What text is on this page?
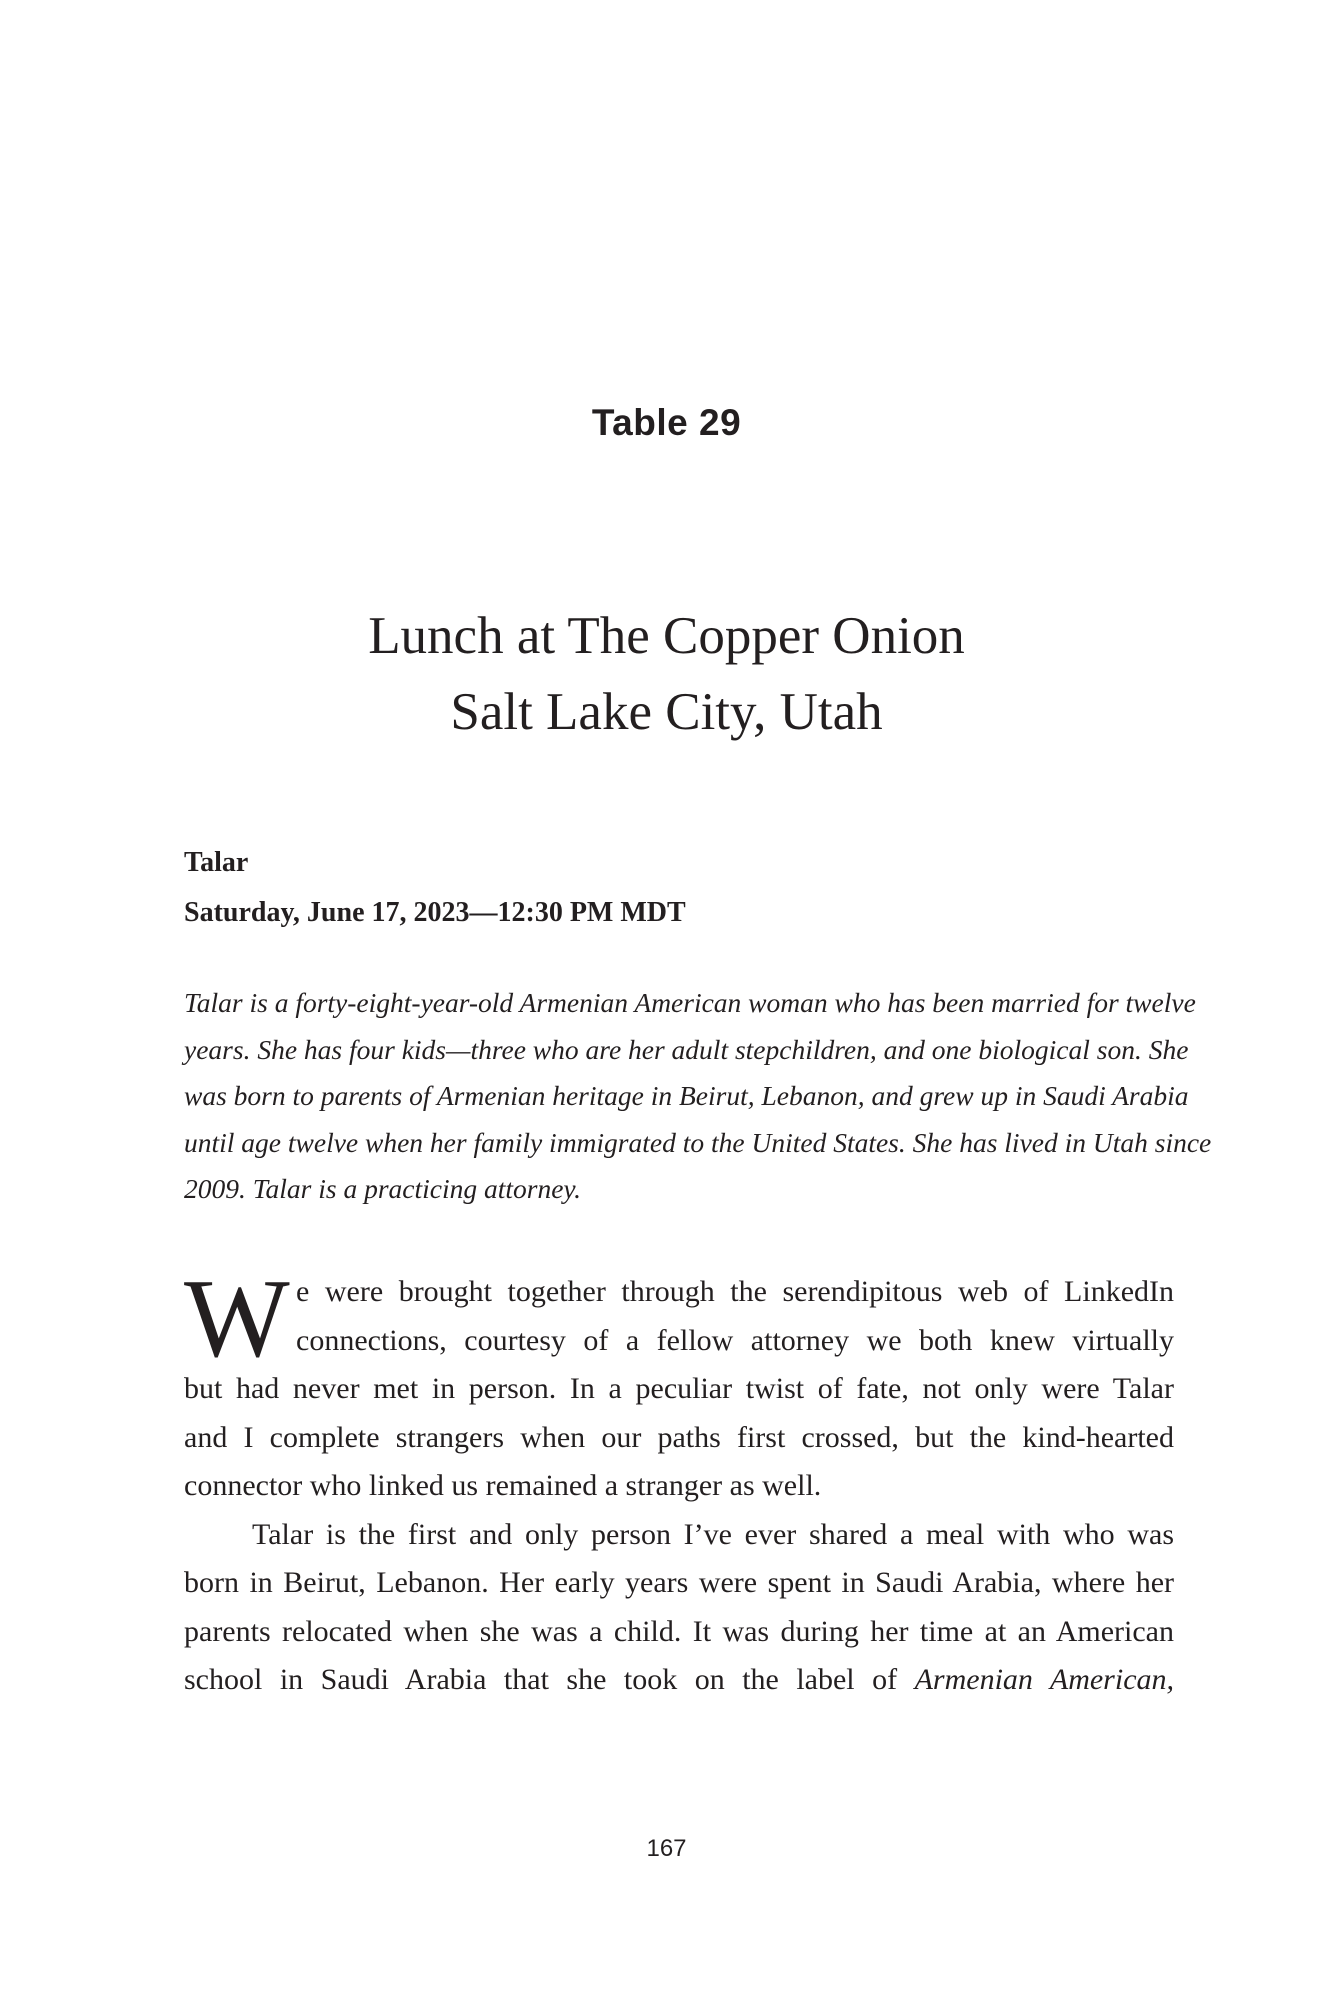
Table 29
Lunch at The Copper Onion
Salt Lake City, Utah
Talar
Saturday, June 17, 2023—12:30 PM MDT
Talar is a forty-eight-year-old Armenian American woman who has been married for twelve
years. She has four kids—three who are her adult stepchildren, and one biological son. She
was born to parents of Armenian heritage in Beirut, Lebanon, and grew up in Saudi Arabia
until age twelve when her family immigrated to the United States. She has lived in Utah since
2009. Talar is a practicing attorney.
W e were brought together through the serendipitous web of LinkedIn
connections, courtesy of a fellow attorney we both knew virtually
but had never met in person. In a peculiar twist of fate, not only were Talar
and I complete strangers when our paths first crossed, but the kind-hearted
connector who linked us remained a stranger as well.
Talar is the first and only person I’ve ever shared a meal with who was
born in Beirut, Lebanon. Her early years were spent in Saudi Arabia, where her
parents relocated when she was a child. It was during her time at an American
school in Saudi Arabia that she took on the label of Armenian American,
167
